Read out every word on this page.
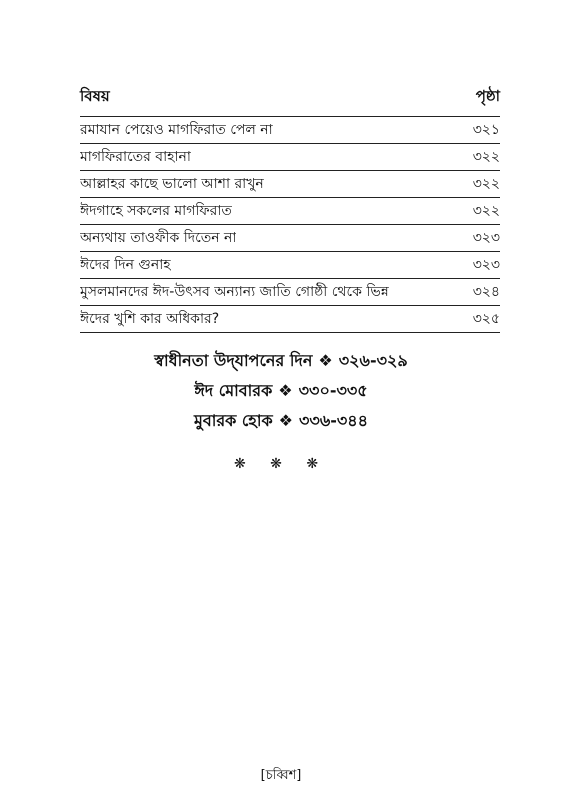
বিষয়	পৃষ্ঠা
রমাযান পেয়েও মাগফিরাত পেল না	৩২১
মাগফিরাতের বাহানা	৩২২
আল্লাহর কাছে ভালো আশা রাখুন	৩২২
ঈদগাহে সকলের মাগফিরাত	৩২২
অন্যথায় তাওফীক দিতেন না	৩২৩
ঈদের দিন গুনাহ	৩২৩
মুসলমানদের ঈদ-উৎসব অন্যান্য জাতি গোষ্ঠী থেকে ভিন্ন	৩২৪
ঈদের খুশি কার অধিকার?	৩২৫
স্বাধীনতা উদ্‌যাপনের দিন ❖ ৩২৬-৩২৯
ঈদ মোবারক ❖ ৩৩০-৩৩৫
মুবারক হোক ❖ ৩৩৬-৩৪৪
❋ ❋ ❋
[চব্বিশ]
